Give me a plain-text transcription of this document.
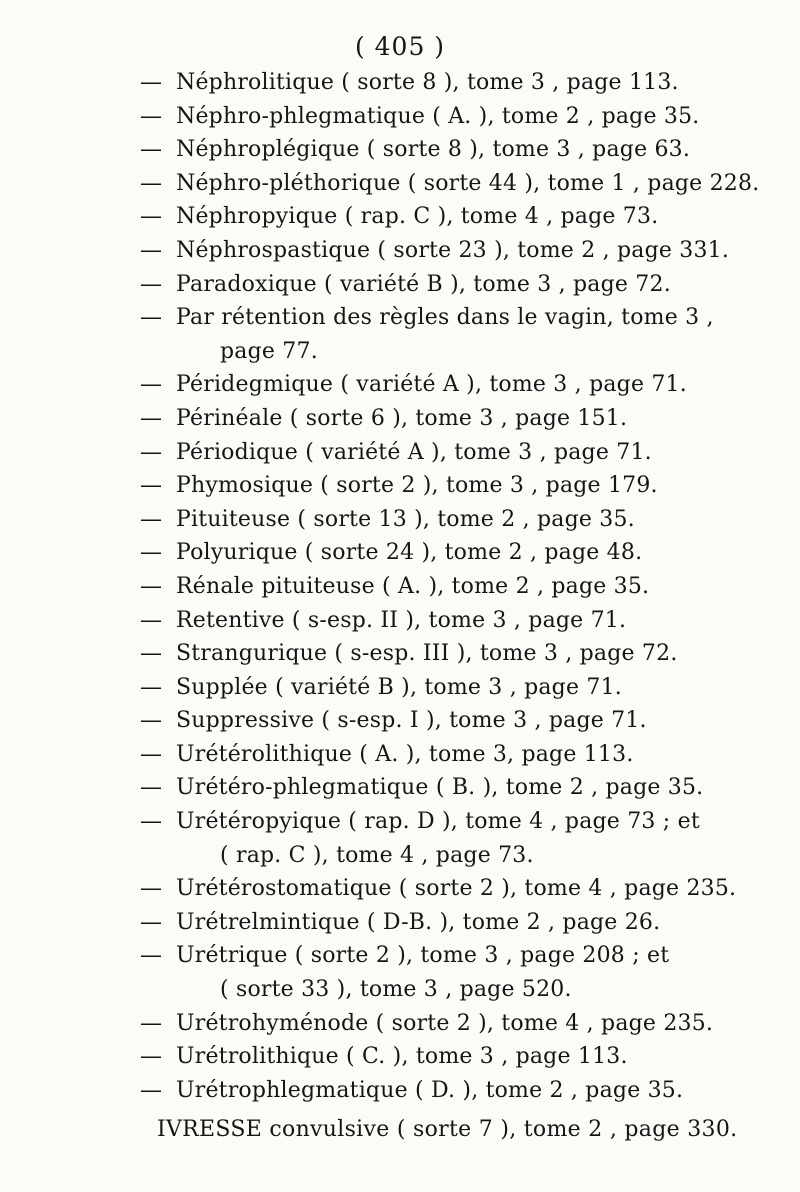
( 405 )
— Néphrolitique ( sorte 8 ), tome 3 , page 113.
— Néphro-phlegmatique ( A. ), tome 2 , page 35.
— Néphroplégique ( sorte 8 ), tome 3 , page 63.
— Néphro-pléthorique ( sorte 44 ), tome 1 , page 228.
— Néphropyique ( rap. C ), tome 4 , page 73.
— Néphrospastique ( sorte 23 ), tome 2 , page 331.
— Paradoxique ( variété B ), tome 3 , page 72.
— Par rétention des règles dans le vagin, tome 3 ,
page 77.
— Péridegmique ( variété A ), tome 3 , page 71.
— Périnéale ( sorte 6 ), tome 3 , page 151.
— Périodique ( variété A ), tome 3 , page 71.
— Phymosique ( sorte 2 ), tome 3 , page 179.
— Pituiteuse ( sorte 13 ), tome 2 , page 35.
— Polyurique ( sorte 24 ), tome 2 , page 48.
— Rénale pituiteuse ( A. ), tome 2 , page 35.
— Retentive ( s-esp. II ), tome 3 , page 71.
— Strangurique ( s-esp. III ), tome 3 , page 72.
— Supplée ( variété B ), tome 3 , page 71.
— Suppressive ( s-esp. I ), tome 3 , page 71.
— Urétérolithique ( A. ), tome 3, page 113.
— Urétéro-phlegmatique ( B. ), tome 2 , page 35.
— Urétéropyique ( rap. D ), tome 4 , page 73 ; et
( rap. C ), tome 4 , page 73.
— Urétérostomatique ( sorte 2 ), tome 4 , page 235.
— Urétrelmintique ( D-B. ), tome 2 , page 26.
— Urétrique ( sorte 2 ), tome 3 , page 208 ; et
( sorte 33 ), tome 3 , page 520.
— Urétrohyménode ( sorte 2 ), tome 4 , page 235.
— Urétrolithique ( C. ), tome 3 , page 113.
— Urétrophlegmatique ( D. ), tome 2 , page 35.
IVRESSE convulsive ( sorte 7 ), tome 2 , page 330.
